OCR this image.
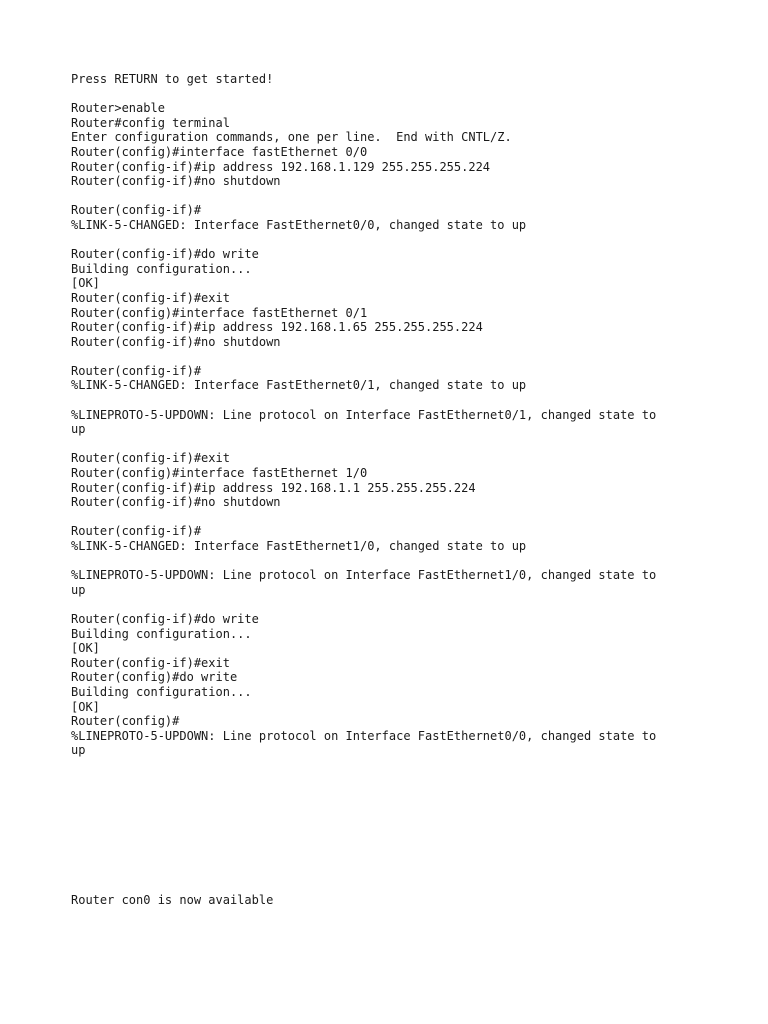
Press RETURN to get started!
Router>enable
Router#config terminal
Enter configuration commands, one per line.  End with CNTL/Z.
Router(config)#interface fastEthernet 0/0
Router(config-if)#ip address 192.168.1.129 255.255.255.224
Router(config-if)#no shutdown
Router(config-if)#
%LINK-5-CHANGED: Interface FastEthernet0/0, changed state to up
Router(config-if)#do write
Building configuration...
[OK]
Router(config-if)#exit
Router(config)#interface fastEthernet 0/1
Router(config-if)#ip address 192.168.1.65 255.255.255.224
Router(config-if)#no shutdown
Router(config-if)#
%LINK-5-CHANGED: Interface FastEthernet0/1, changed state to up
%LINEPROTO-5-UPDOWN: Line protocol on Interface FastEthernet0/1, changed state to
up
Router(config-if)#exit
Router(config)#interface fastEthernet 1/0
Router(config-if)#ip address 192.168.1.1 255.255.255.224
Router(config-if)#no shutdown
Router(config-if)#
%LINK-5-CHANGED: Interface FastEthernet1/0, changed state to up
%LINEPROTO-5-UPDOWN: Line protocol on Interface FastEthernet1/0, changed state to
up
Router(config-if)#do write
Building configuration...
[OK]
Router(config-if)#exit
Router(config)#do write
Building configuration...
[OK]
Router(config)#
%LINEPROTO-5-UPDOWN: Line protocol on Interface FastEthernet0/0, changed state to
up
Router con0 is now available
